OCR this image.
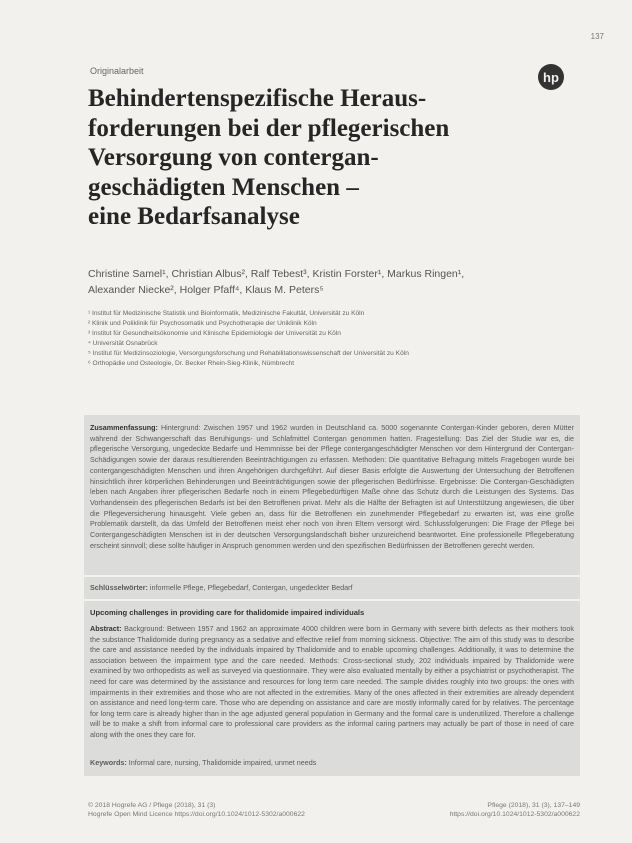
137
Originalarbeit	hp
Behindertenspezifische Heraus-
forderungen bei der pflegerischen
Versorgung von contergan-
geschädigten Menschen –
eine Bedarfsanalyse
Christine Samel¹, Christian Albus², Ralf Tebest³, Kristin Forster¹, Markus Ringen¹,
Alexander Niecke², Holger Pfaff⁴, Klaus M. Peters⁵
¹ Institut für Medizinische Statistik und Bioinformatik, Medizinische Fakultät, Universität zu Köln
² Klinik und Poliklinik für Psychosomatik und Psychotherapie der Uniklinik Köln
³ Institut für Gesundheitsökonomie und Klinische Epidemiologie der Universität zu Köln
⁴ Universität Osnabrück
⁵ Institut für Medizinsoziologie, Versorgungsforschung und Rehabilitationswissenschaft der Universität zu Köln
⁶ Orthopädie und Osteologie, Dr. Becker Rhein-Sieg-Klinik, Nümbrecht
Zusammenfassung: Hintergrund: Zwischen 1957 und 1962 wurden in Deutschland ca. 5000 sogenannte Contergan-Kinder geboren, deren Mütter während der Schwangerschaft das Beruhigungs- und Schlafmittel Contergan genommen hatten. Fragestellung: Das Ziel der Studie war es, die pflegerische Versorgung, ungedeckte Bedarfe und Hemmnisse bei der Pflege contergangeschädigter Menschen vor dem Hintergrund der Contergan-Schädigungen sowie der daraus resultierenden Beeinträchtigungen zu erfassen. Methoden: Die quantitative Befragung mittels Fragebogen wurde bei contergangeschädigten Menschen und ihren Angehörigen durchgeführt. Auf dieser Basis erfolgte die Auswertung der Untersuchung der Betroffenen hinsichtlich ihrer körperlichen Behinderungen und Beeinträchtigungen sowie der pflegerischen Bedürfnisse. Ergebnisse: Die Contergan-Geschädigten leben nach Angaben ihrer pflegerischen Bedarfe noch in einem Pflegebedürftigen Maße ohne das Schutz durch die Leistungen des Systems. Das Vorhandensein des pflegerischen Bedarfs ist bei den Betroffenen privat. Mehr als die Hälfte der Befragten ist auf Unterstützung angewiesen, die über die Pflegeversicherung hinausgeht. Viele geben an, dass für die Betroffenen ein zunehmender Pflegebedarf zu erwarten ist, was eine große Problematik darstellt, da das Umfeld der Betroffenen meist eher noch von ihren Eltern versorgt wird. Schlussfolgerungen: Die Frage der Pflege bei Contergangeschädigten Menschen ist in der deutschen Versorgungslandschaft bisher unzureichend beantwortet. Eine professionelle Pflegeberatung erscheint sinnvoll; diese sollte häufiger in Anspruch genommen werden und den spezifischen Bedürfnissen der Betroffenen gerecht werden.
Schlüsselwörter: informelle Pflege, Pflegebedarf, Contergan, ungedeckter Bedarf
Upcoming challenges in providing care for thalidomide impaired individuals
Abstract: Background: Between 1957 and 1962 an approximate 4000 children were born in Germany with severe birth defects as their mothers took the substance Thalidomide during pregnancy as a sedative and effective relief from morning sickness. Objective: The aim of this study was to describe the care and assistance needed by the individuals impaired by Thalidomide and to enable upcoming challenges. Additionally, it was to determine the association between the impairment type and the care needed. Methods: Cross-sectional study, 202 individuals impaired by Thalidomide were examined by two orthopedists as well as surveyed via questionnaire. They were also evaluated mentally by either a psychiatrist or psychotherapist. The need for care was determined by the assistance and resources for long term care needed. The sample divides roughly into two groups: the ones with impairments in their extremities and those who are not affected in the extremities. Many of the ones affected in their extremities are already dependent on assistance and need long-term care. Those who are depending on assistance and care are mostly informally cared for by relatives. The percentage for long term care is already higher than in the age adjusted general population in Germany and the formal care is underutilized. Therefore a challenge will be to make a shift from informal care to professional care providers as the informal caring partners may actually be part of those in need of care along with the ones they care for.
Keywords: Informal care, nursing, Thalidomide impaired, unmet needs
© 2018 Hogrefe AG / Pflege (2018), 31 (3)
Hogrefe Open Mind Licence https://doi.org/10.1024/1012-5302/a000622
Pflege (2018), 31 (3), 137–149
https://doi.org/10.1024/1012-5302/a000622
